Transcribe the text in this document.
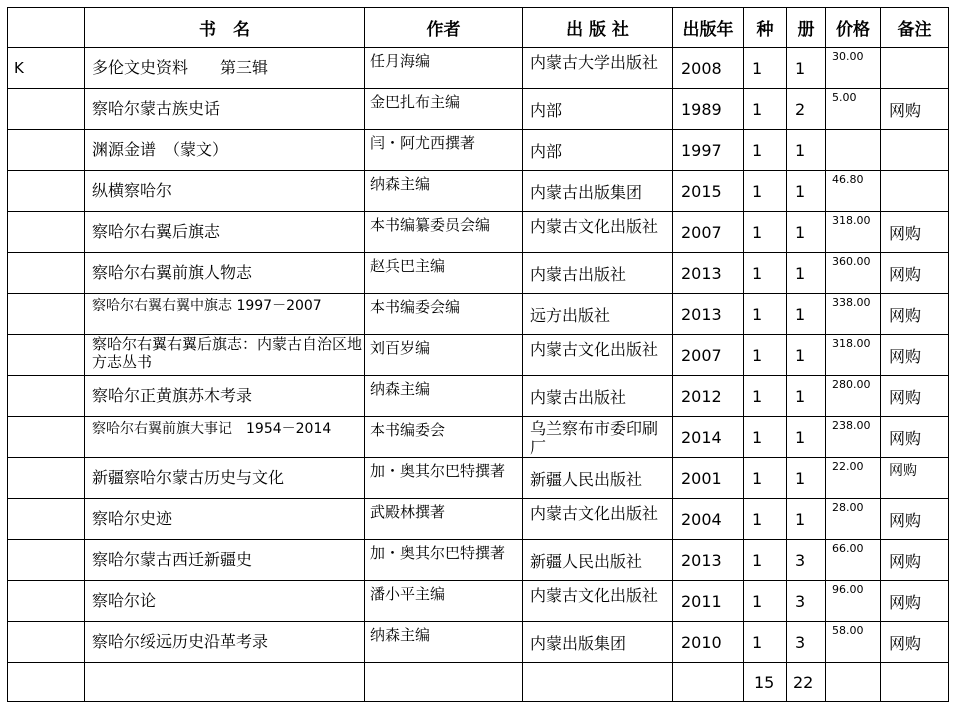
	书　名	作者	出 版 社	出版年	种	册	价格	备注
K	多伦文史资料　　第三辑	任月海编	内蒙古大学出版社	2008	1	1	30.00	
	察哈尔蒙古族史话	金巴扎布主编	内部	1989	1	2	5.00	网购
	渊源金谱　（蒙文）	闫・阿尤西撰著	内部	1997	1	1		
	纵横察哈尔	纳森主编	内蒙古出版集团	2015	1	1	46.80	
	察哈尔右翼后旗志	本书编纂委员会编	内蒙古文化出版社	2007	1	1	318.00	网购
	察哈尔右翼前旗人物志	赵兵巴主编	内蒙古出版社	2013	1	1	360.00	网购
	察哈尔右翼右翼中旗志 1997－2007	本书编委会编	远方出版社	2013	1	1	338.00	网购
	察哈尔右翼右翼后旗志：内蒙古自治区地方志丛书	刘百岁编	内蒙古文化出版社	2007	1	1	318.00	网购
	察哈尔正黄旗苏木考录	纳森主编	内蒙古出版社	2012	1	1	280.00	网购
	察哈尔右翼前旗大事记　1954－2014	本书编委会	乌兰察布市委印刷厂	2014	1	1	238.00	网购
	新疆察哈尔蒙古历史与文化	加・奥其尔巴特撰著	新疆人民出版社	2001	1	1	22.00	网购
	察哈尔史迹	武殿林撰著	内蒙古文化出版社	2004	1	1	28.00	网购
	察哈尔蒙古西迁新疆史	加・奥其尔巴特撰著	新疆人民出版社	2013	1	3	66.00	网购
	察哈尔论	潘小平主编	内蒙古文化出版社	2011	1	3	96.00	网购
	察哈尔绥远历史沿革考录	纳森主编	内蒙出版集团	2010	1	3	58.00	网购
					15	22		
